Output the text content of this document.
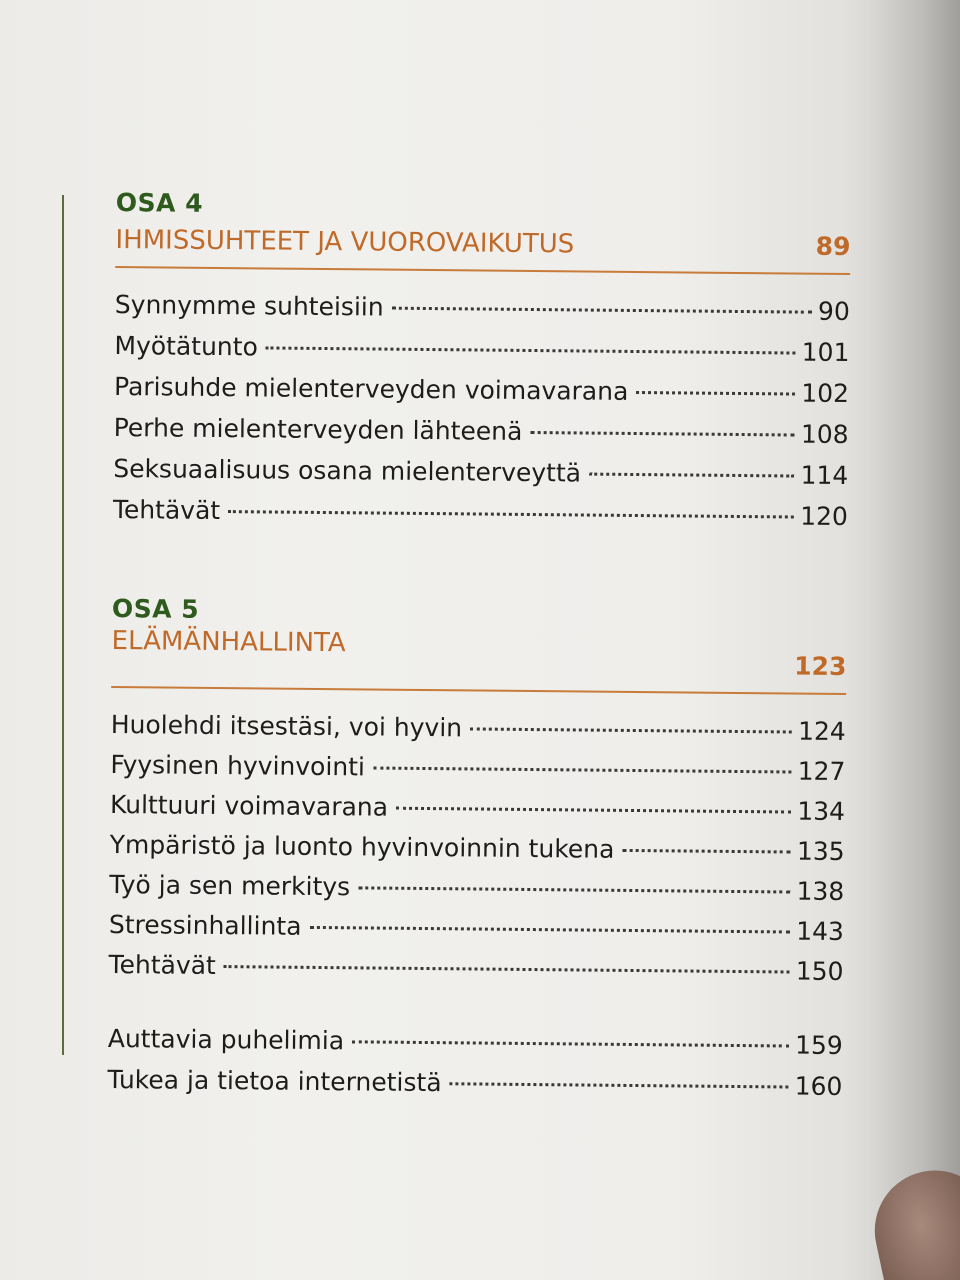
OSA 4
IHMISSUHTEET JA VUOROVAIKUTUS	89
Synnymme suhteisiin	90
Myötätunto	101
Parisuhde mielenterveyden voimavarana	102
Perhe mielenterveyden lähteenä	108
Seksuaalisuus osana mielenterveyttä	114
Tehtävät	120
OSA 5
ELÄMÄNHALLINTA
123
Huolehdi itsestäsi, voi hyvin	124
Fyysinen hyvinvointi	127
Kulttuuri voimavarana	134
Ympäristö ja luonto hyvinvoinnin tukena	135
Työ ja sen merkitys	138
Stressinhallinta	143
Tehtävät	150
Auttavia puhelimia	159
Tukea ja tietoa internetistä	160
